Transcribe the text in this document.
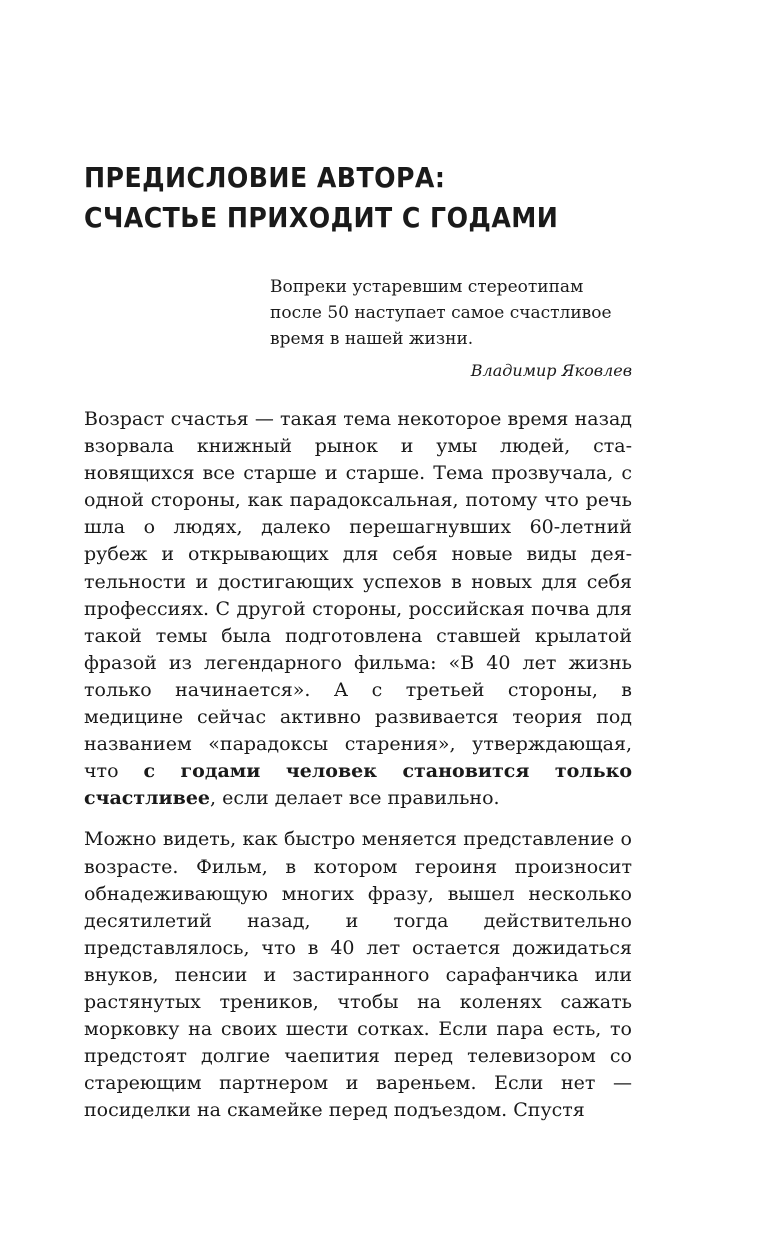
ПРЕДИСЛОВИЕ АВТОРА:
СЧАСТЬЕ ПРИХОДИТ С ГОДАМИ

Вопреки устаревшим стереотипам после 50 наступает самое счастливое время в нашей жизни.

Владимир Яковлев

Возраст счастья — такая тема некоторое время назад взорвала книжный рынок и умы людей, становящихся все старше и старше. Тема прозвучала, с одной стороны, как парадоксальная, потому что речь шла о людях, далеко перешагнувших 60-летний рубеж и открывающих для себя новые виды деятельности и достигающих успехов в новых для себя профессиях. С другой стороны, российская почва для такой темы была подготовлена ставшей крылатой фразой из легендарного фильма: «В 40 лет жизнь только начинается». А с третьей стороны, в медицине сейчас активно развивается теория под названием «парадоксы старения», утверждающая, что с годами человек становится только счастливее, если делает все правильно.

Можно видеть, как быстро меняется представление о возрасте. Фильм, в котором героиня произносит обнадеживающую многих фразу, вышел несколько десятилетий назад, и тогда действительно представлялось, что в 40 лет остается дожидаться внуков, пенсии и застиранного сарафанчика или растянутых треников, чтобы на коленях сажать морковку на своих шести сотках. Если пара есть, то предстоят долгие чаепития перед телевизором со стареющим партнером и вареньем. Если нет — посиделки на скамейке перед подъездом. Спустя
